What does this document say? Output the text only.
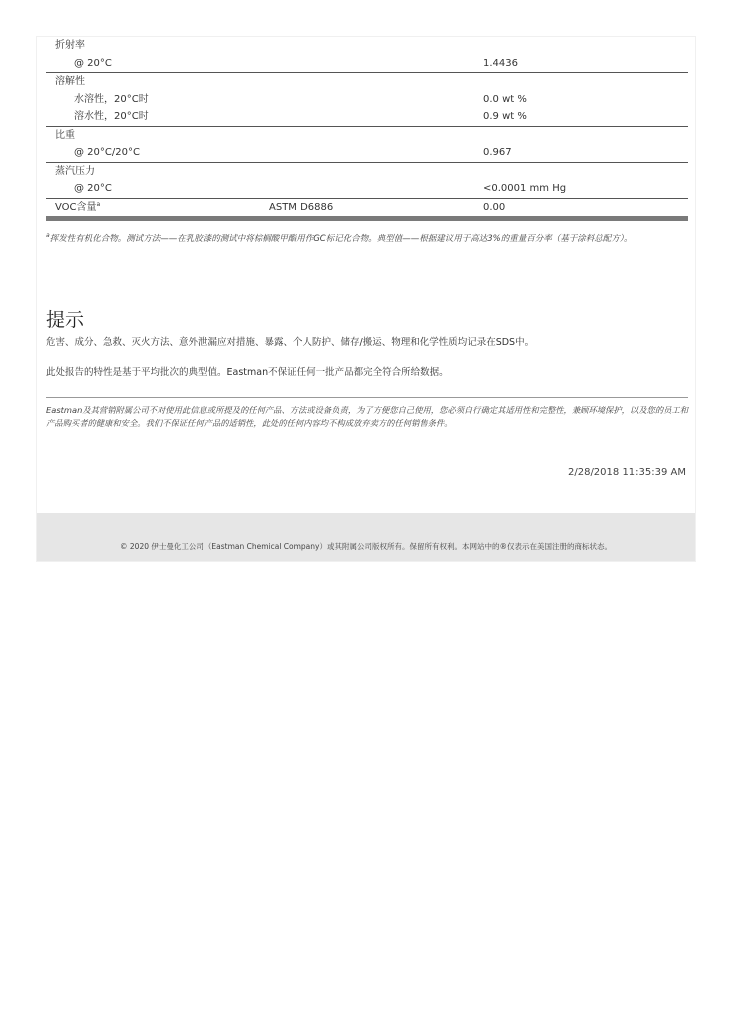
折射率
@ 20°C	1.4436
溶解性
水溶性，20°C时	0.0 wt %
溶水性，20°C时	0.9 wt %
比重
@ 20°C/20°C	0.967
蒸汽压力
@ 20°C	<0.0001 mm Hg
VOC含量$^a$	ASTM D6886	0.00
$^a$挥发性有机化合物。测试方法——在乳胶漆的测试中将棕榈酸甲酯用作GC标记化合物。典型值——根据建议用于高达3%的重量百分率（基于涂料总配方）。
提示
危害、成分、急救、灭火方法、意外泄漏应对措施、暴露、个人防护、储存/搬运、物理和化学性质均记录在SDS中。
此处报告的特性是基于平均批次的典型值。Eastman不保证任何一批产品都完全符合所给数据。
Eastman及其营销附属公司不对使用此信息或所提及的任何产品、方法或设备负责，为了方便您自己使用，您必须自行确定其适用性和完整性，兼顾环境保护，以及您的员工和产品购买者的健康和安全。我们不保证任何产品的适销性，此处的任何内容均不构成放弃卖方的任何销售条件。
2/28/2018 11:35:39 AM
© 2020 伊士曼化工公司（Eastman Chemical Company）或其附属公司版权所有。保留所有权利。本网站中的®仅表示在美国注册的商标状态。
